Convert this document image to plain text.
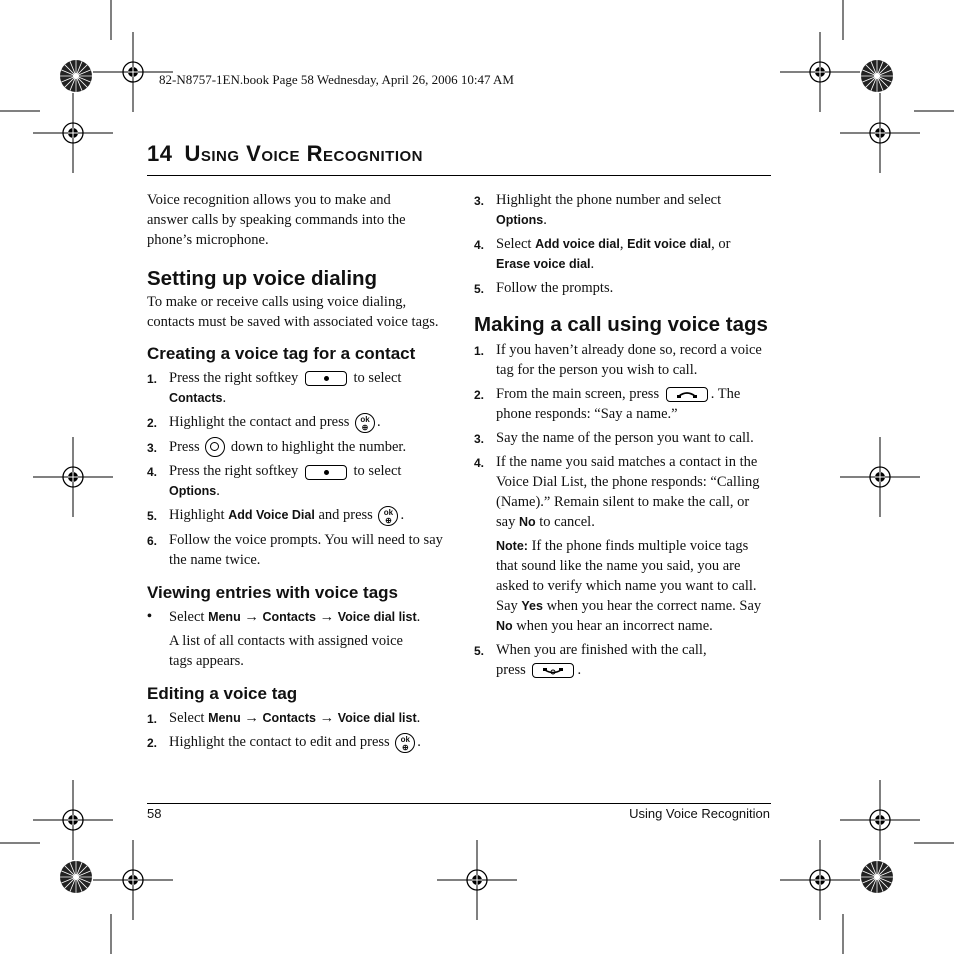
82-N8757-1EN.book Page 58 Wednesday, April 26, 2006 10:47 AM
14 Using Voice Recognition

Voice recognition allows you to make and answer calls by speaking commands into the phone’s microphone.

Setting up voice dialing

To make or receive calls using voice dialing, contacts must be saved with associated voice tags.

Creating a voice tag for a contact
1. Press the right softkey	to select Contacts.
2. Highlight the contact and press ok
⊕ .
3. Press down to highlight the number.
4. Press the right softkey	to select Options.
5. Highlight Add Voice Dial and press ok
⊕ .
6. Follow the voice prompts. You will need to say the name twice.
Viewing entries with voice tags
• Select Menu → Contacts → Voice dial list.

A list of all contacts with assigned voice tags appears.

Editing a voice tag
1. Select Menu → Contacts → Voice dial list.
2. Highlight the contact to edit and press ok
⊕ .
3. Highlight the phone number and select Options.
4. Select Add voice dial, Edit voice dial, or Erase voice dial.
5. Follow the prompts.
Making a call using voice tags
1. If you haven’t already done so, record a voice tag for the person you wish to call.
2. From the main screen, press	. The phone responds: “Say a name.”
3. Say the name of the person you want to call.
4. If the name you said matches a contact in the Voice Dial List, the phone responds: “Calling (Name).” Remain silent to make the call, or say No to cancel.

Note: If the phone finds multiple voice tags that sound like the name you said, you are asked to verify which name you want to call. Say Yes when you hear the correct name. Say No when you hear an incorrect name.

5. When you are finished with the call, press	.
58	Using Voice Recognition
